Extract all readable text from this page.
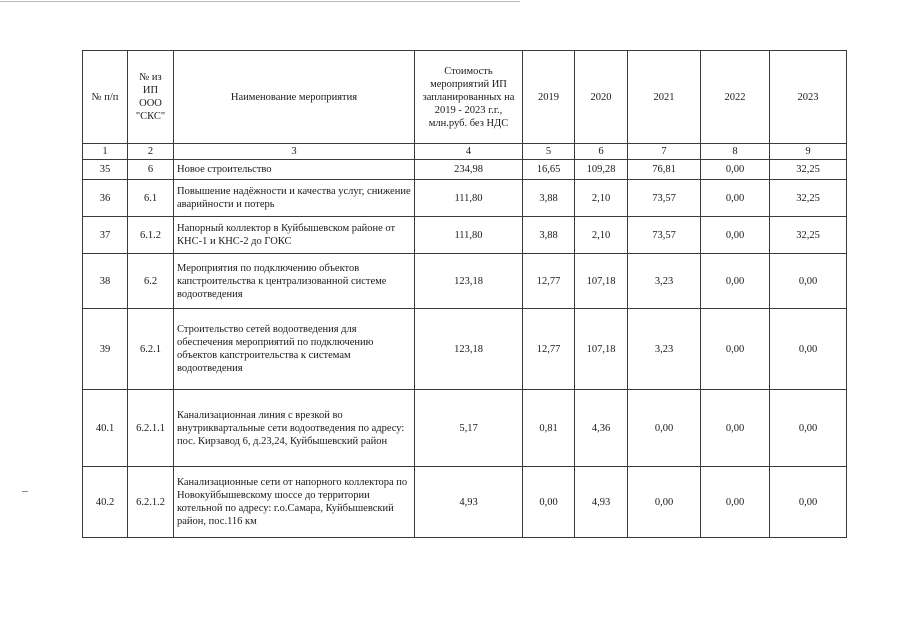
№ п/п	№ из ИП ООО "СКС"	Наименование мероприятия	Стоимость мероприятий ИП запланированных на 2019 - 2023 г.г., млн.руб. без НДС	2019	2020	2021	2022	2023
1	2	3	4	5	6	7	8	9
35	6	Новое строительство	234,98	16,65	109,28	76,81	0,00	32,25
36	6.1	Повышение надёжности и качества услуг, снижение аварийности и потерь	111,80	3,88	2,10	73,57	0,00	32,25
37	6.1.2	Напорный коллектор в Куйбышевском районе от КНС-1 и КНС-2 до ГОКС	111,80	3,88	2,10	73,57	0,00	32,25
38	6.2	Мероприятия по подключению объектов капстроительства к централизованной системе водоотведения	123,18	12,77	107,18	3,23	0,00	0,00
39	6.2.1	Строительство сетей водоотведения для обеспечения мероприятий по подключению объектов капстроительства к системам водоотведения	123,18	12,77	107,18	3,23	0,00	0,00
40.1	6.2.1.1	Канализационная линия с врезкой во внутриквартальные сети водоотведения по адресу: пос. Кирзавод 6, д.23,24, Куйбышевский район	5,17	0,81	4,36	0,00	0,00	0,00
40.2	6.2.1.2	Канализационные сети от напорного коллектора по Новокуйбышевскому шоссе до территории котельной по адресу: г.о.Самара, Куйбышевский район, пос.116 км	4,93	0,00	4,93	0,00	0,00	0,00
